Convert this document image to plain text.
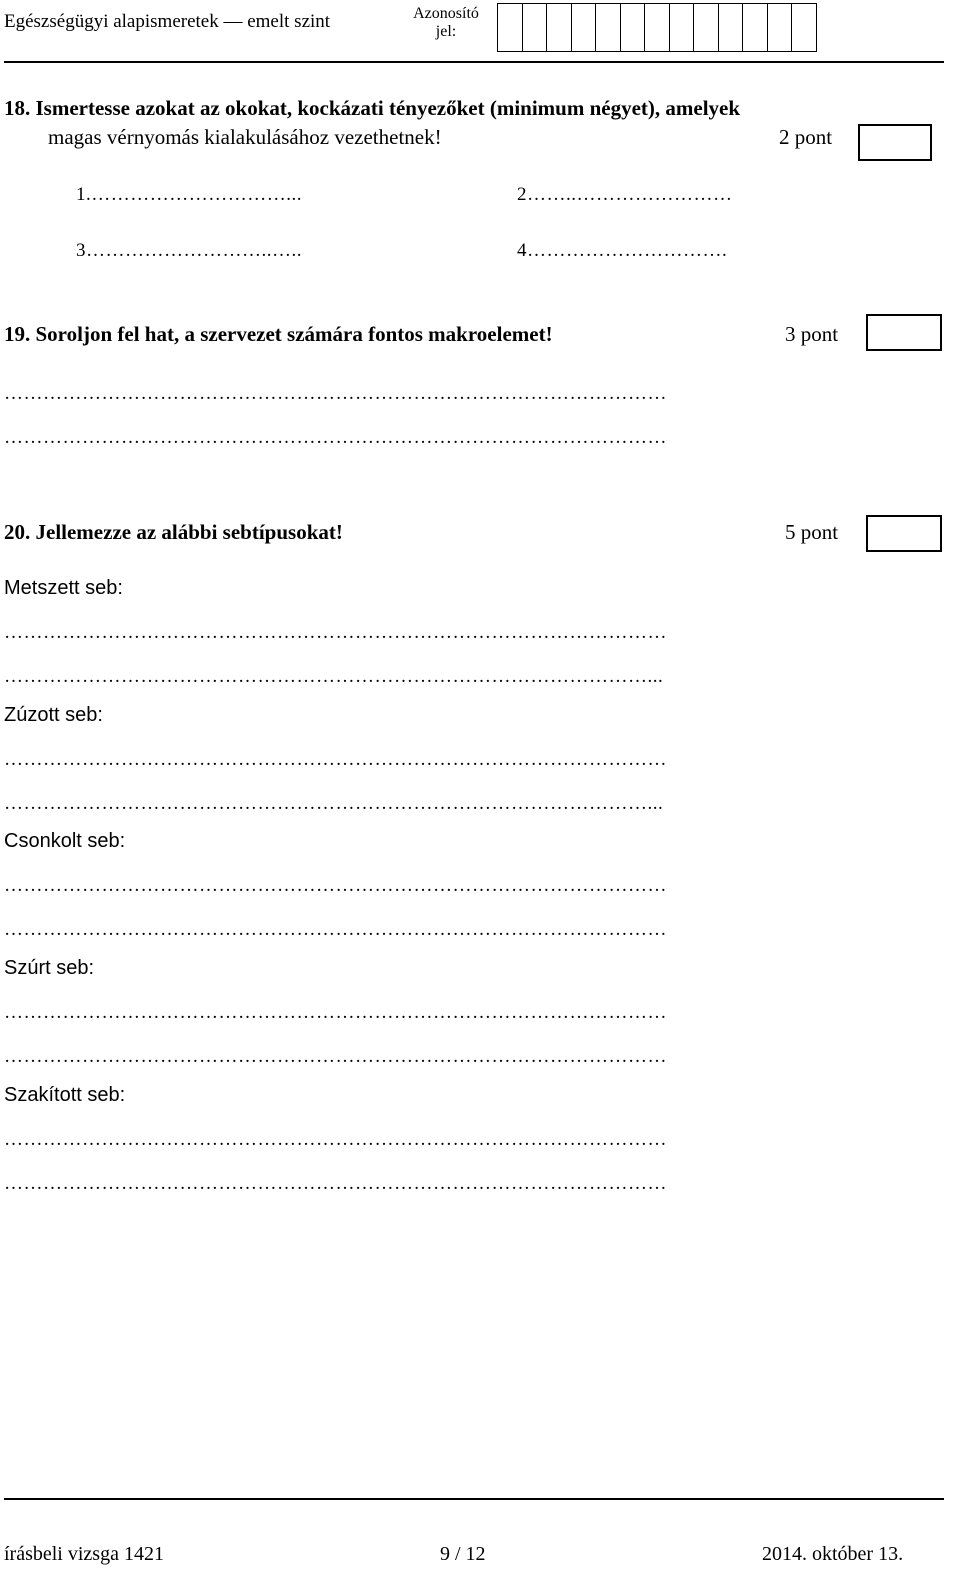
Egészségügyi alapismeretek — emelt szint	Azonosító
jel:
18. Ismertesse azokat az okokat, kockázati tényezőket (minimum négyet), amelyek
magas vérnyomás kialakulásához vezethetnek!	2 pont
1.…………………………...	2……..……………………
3………………………..…..	4………………………….
19. Soroljon fel hat, a szervezet számára fontos makroelemet!	3 pont
…………………………………………………………………………………………
…………………………………………………………………………………………
20. Jellemezze az alábbi sebtípusokat!	5 pont
Metszett seb:
…………………………………………………………………………………………
………………………………………………………………………………………...
Zúzott seb:
…………………………………………………………………………………………
………………………………………………………………………………………...
Csonkolt seb:
…………………………………………………………………………………………
…………………………………………………………………………………………
Szúrt seb:
…………………………………………………………………………………………
…………………………………………………………………………………………
Szakított seb:
…………………………………………………………………………………………
…………………………………………………………………………………………
írásbeli vizsga 1421	9 / 12	2014. október 13.
